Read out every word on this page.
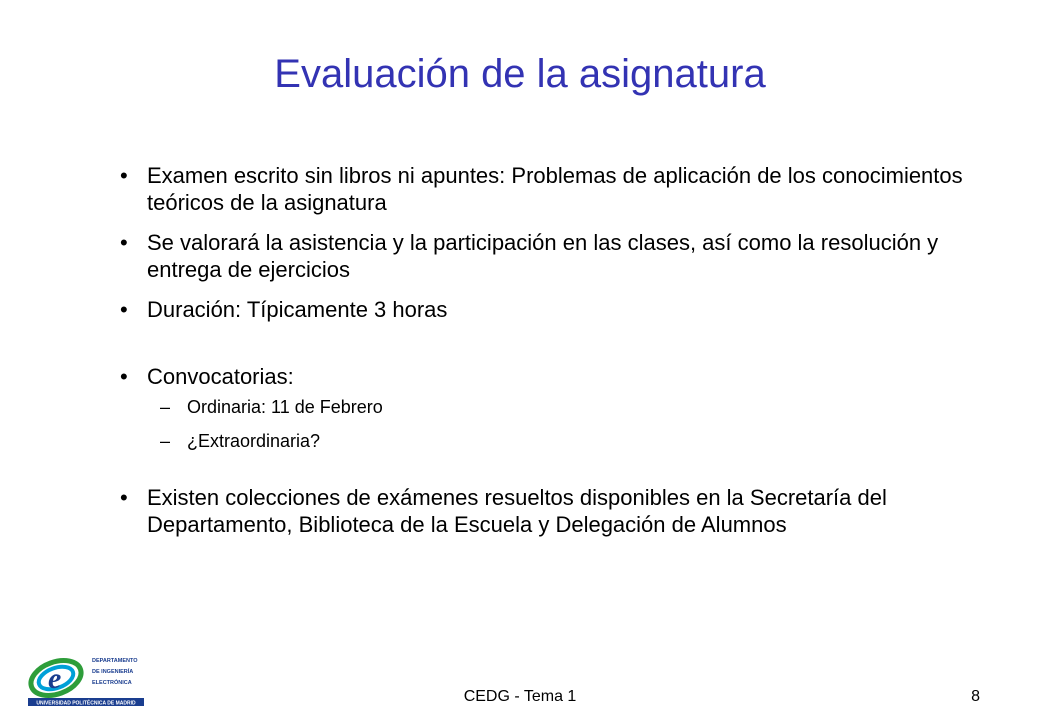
Evaluación de la asignatura
• Examen escrito sin libros ni apuntes: Problemas de aplicación de los conocimientos teóricos de la asignatura
• Se valorará la asistencia y la participación en las clases, así como la resolución y entrega de ejercicios
• Duración: Típicamente 3 horas
• Convocatorias:
– Ordinaria: 11 de Febrero
– ¿Extraordinaria?
• Existen colecciones de exámenes resueltos disponibles en la Secretaría del Departamento, Biblioteca de la Escuela y Delegación de Alumnos
e
DEPARTAMENTO
DE INGENIERÍA
ELECTRÓNICA
UNIVERSIDAD POLITÉCNICA DE MADRID	CEDG - Tema 1	8
